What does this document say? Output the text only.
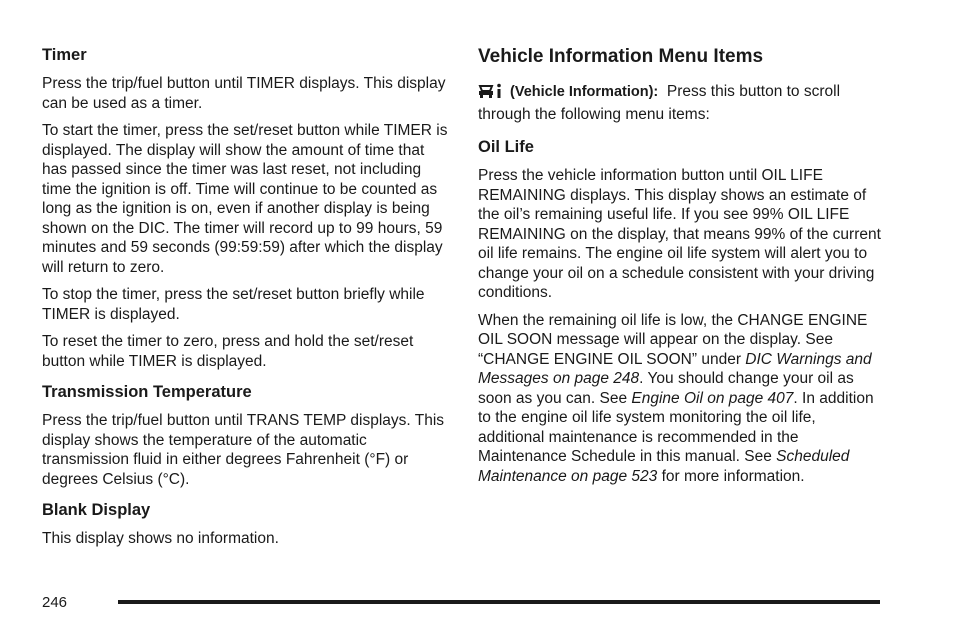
Timer

Press the trip/fuel button until TIMER displays. This display can be used as a timer.

To start the timer, press the set/reset button while TIMER is displayed. The display will show the amount of time that has passed since the timer was last reset, not including time the ignition is off. Time will continue to be counted as long as the ignition is on, even if another display is being shown on the DIC. The timer will record up to 99 hours, 59 minutes and 59 seconds (99:59:59) after which the display will return to zero.

To stop the timer, press the set/reset button briefly while TIMER is displayed.

To reset the timer to zero, press and hold the set/reset button while TIMER is displayed.

Transmission Temperature

Press the trip/fuel button until TRANS TEMP displays. This display shows the temperature of the automatic transmission fluid in either degrees Fahrenheit (°F) or degrees Celsius (°C).

Blank Display

This display shows no information.

Vehicle Information Menu Items

(Vehicle Information): Press this button to scroll through the following menu items:

Oil Life

Press the vehicle information button until OIL LIFE REMAINING displays. This display shows an estimate of the oil’s remaining useful life. If you see 99% OIL LIFE REMAINING on the display, that means 99% of the current oil life remains. The engine oil life system will alert you to change your oil on a schedule consistent with your driving conditions.

When the remaining oil life is low, the CHANGE ENGINE OIL SOON message will appear on the display. See “CHANGE ENGINE OIL SOON” under DIC Warnings and Messages on page 248. You should change your oil as soon as you can. See Engine Oil on page 407. In addition to the engine oil life system monitoring the oil life, additional maintenance is recommended in the Maintenance Schedule in this manual. See Scheduled Maintenance on page 523 for more information.

246
